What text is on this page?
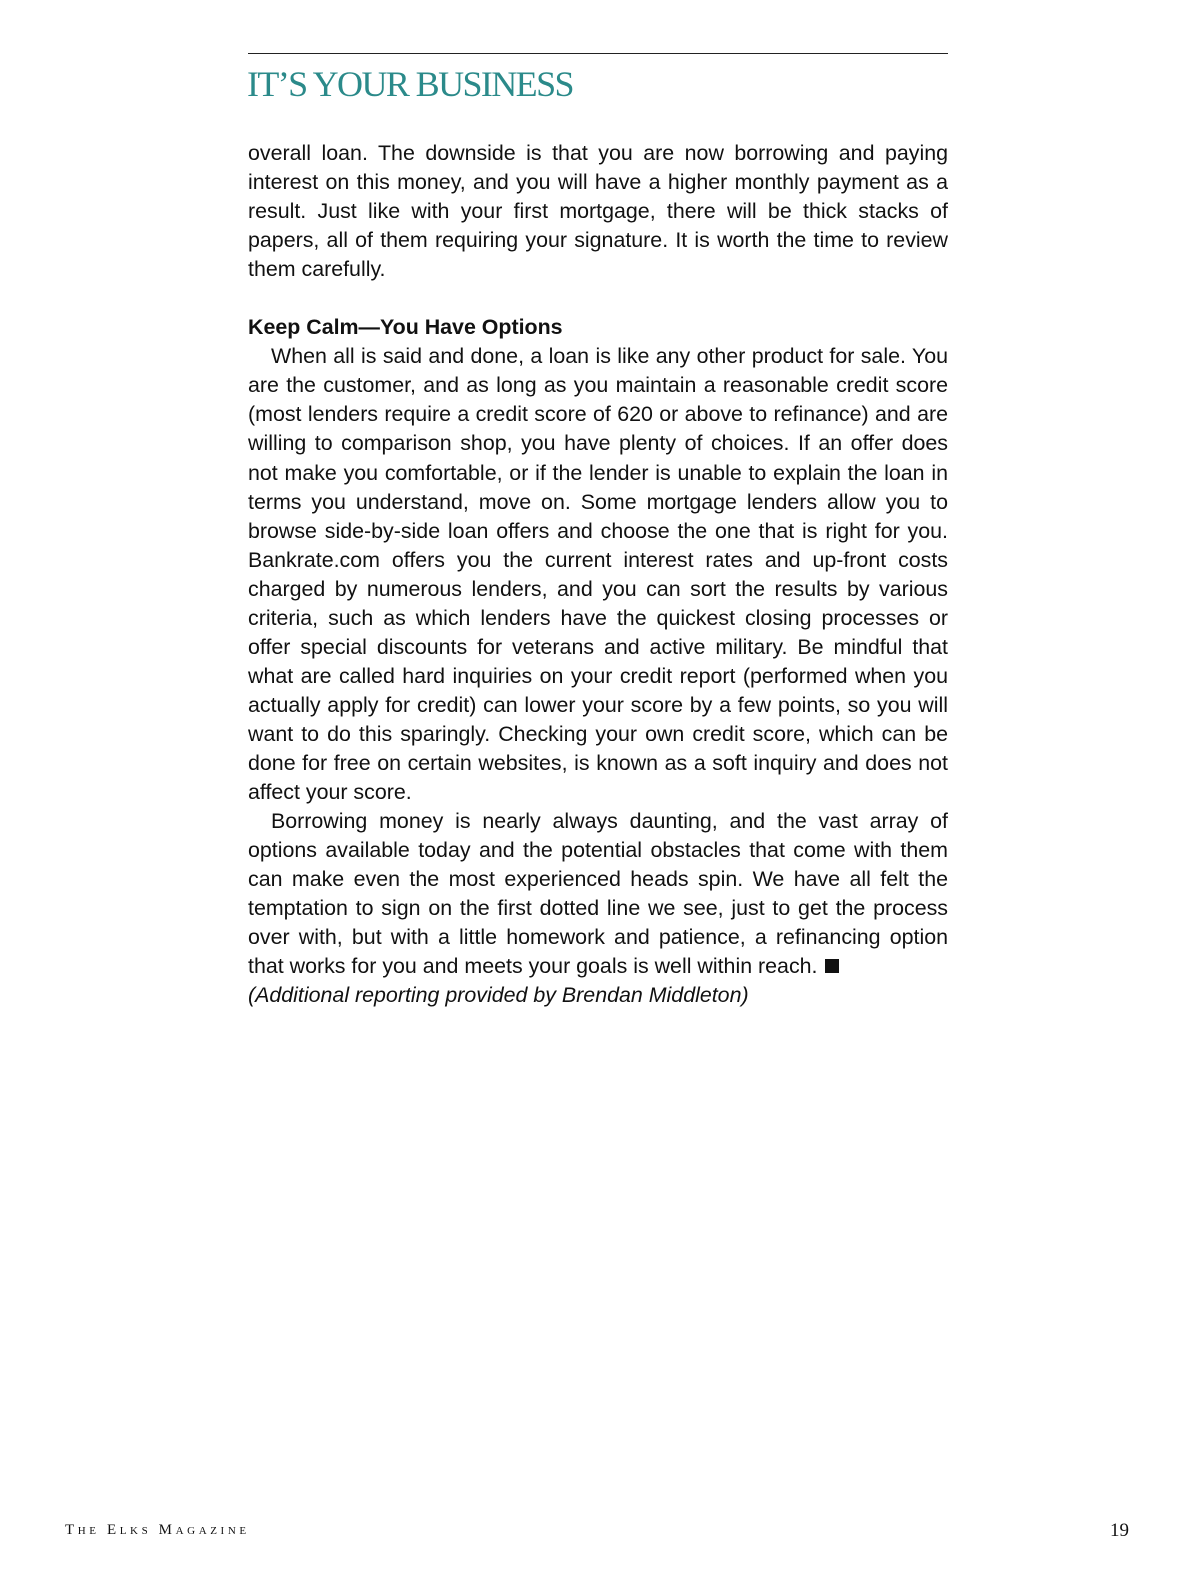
IT’S YOUR BUSINESS

overall loan. The downside is that you are now borrowing and paying interest on this money, and you will have a higher monthly payment as a result. Just like with your first mortgage, there will be thick stacks of papers, all of them requiring your signature. It is worth the time to review them carefully.

Keep Calm—You Have Options

When all is said and done, a loan is like any other product for sale. You are the customer, and as long as you maintain a reasonable credit score (most lenders require a credit score of 620 or above to refinance) and are willing to comparison shop, you have plenty of choices. If an offer does not make you comfortable, or if the lender is unable to explain the loan in terms you understand, move on. Some mortgage lenders allow you to browse side-by-side loan offers and choose the one that is right for you. Bankrate.com offers you the current interest rates and up-front costs charged by numerous lenders, and you can sort the results by various criteria, such as which lenders have the quickest closing processes or offer special discounts for veterans and active military. Be mindful that what are called hard inquiries on your credit report (performed when you actually apply for credit) can lower your score by a few points, so you will want to do this sparingly. Checking your own credit score, which can be done for free on certain websites, is known as a soft inquiry and does not affect your score.

Borrowing money is nearly always daunting, and the vast array of options available today and the potential obstacles that come with them can make even the most experienced heads spin. We have all felt the temptation to sign on the first dotted line we see, just to get the process over with, but with a little homework and patience, a refinancing option that works for you and meets your goals is well within reach.

(Additional reporting provided by Brendan Middleton)

The Elks Magazine	19
